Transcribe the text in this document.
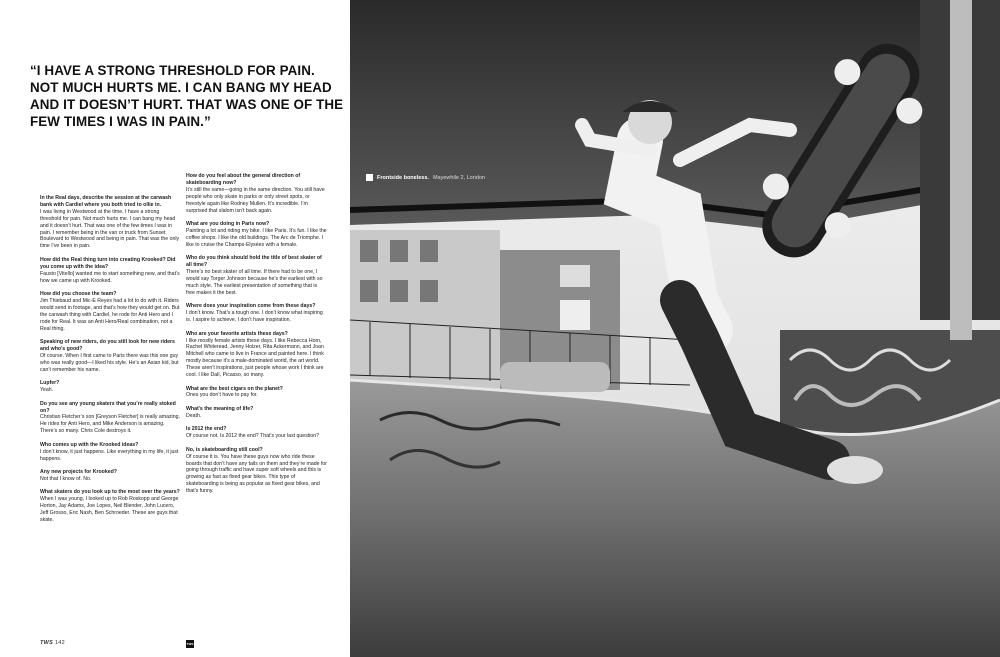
“I HAVE A STRONG THRESHOLD FOR PAIN. NOT MUCH HURTS ME. I CAN BANG MY HEAD AND IT DOESN’T HURT. THAT WAS ONE OF THE FEW TIMES I WAS IN PAIN.”

In the Real days, describe the session at the carwash bank with Cardiel where you both tried to ollie in.

I was living in Westwood at the time. I have a strong threshold for pain. Not much hurts me. I can bang my head and it doesn’t hurt. That was one of the few times I was in pain. I remember being in the van or truck from Sunset Boulevard to Westwood and being in pain. That was the only time I’ve been in pain.

How did the Real thing turn into creating Krooked? Did you come up with the idea?

Fausto [Vitello] wanted me to start something new, and that’s how we came up with Krooked.

How did you choose the team?

Jim Thiebaud and Mic-E Reyes had a lot to do with it. Riders would send in footage, and that’s how they would get on. But the carwash thing with Cardiel, he rode for Anti Hero and I rode for Real. It was an Anti Hero/Real combination, not a Real thing.

Speaking of new riders, do you still look for new riders and who’s good?

Of course. When I first came to Paris there was this one guy who was really good—I liked his style. He’s an Asian kid, but can’t remember his name.

Lupfer?

Yeah.

Do you see any young skaters that you’re really stoked on?

Christian Fletcher’s son [Greyson Fletcher] is really amazing. He rides for Anti Hero, and Mike Anderson is amazing. There’s so many. Chris Cole destroys it.

Who comes up with the Krooked ideas?

I don’t know, it just happens. Like everything in my life, it just happens.

Any new projects for Krooked?

Not that I know of. No.

What skaters do you look up to the most over the years?

When I was young, I looked up to Rob Roskopp and George Horton, Jay Adams, Joe Lopes, Neil Blender, John Lucero, Jeff Grosso, Eric Nash, Ben Schroeder. These are guys that skate.

How do you feel about the general direction of skateboarding now?

It’s still the same—going in the same direction. You still have people who only skate in parks or only street spots, or freestyle again like Rodney Mullen. It’s incredible. I’m surprised that slalom isn’t back again.

What are you doing in Paris now?

Painting a lot and riding my bike. I like Paris. It’s fun. I like the coffee shops. I like the old buildings. The Arc de Triomphe. I like to cruise the Champs-Elysées with a female.

Who do you think should hold the title of best skater of all time?

There’s no best skater of all time. If there had to be one, I would say Torger Johnson because he’s the earliest with so much style. The earliest presentation of something that is free makes it the best.

Where does your inspiration come from these days?

I don’t know. That’s a tough one. I don’t know what inspiring is. I aspire to achieve, I don’t have inspiration.

Who are your favorite artists these days?

I like mostly female artists these days. I like Rebecca Horn, Rachel Whiteread, Jenny Holzer, Rita Ackermann, and Joan Mitchell who came to live in France and painted here. I think mostly because it’s a male-dominated world, the art world. These aren’t inspirations, just people whose work I think are cool. I like Dalí, Picasso, so many.

What are the best cigars on the planet?

Ones you don’t have to pay for.

What’s the meaning of life?

Death.

Is 2012 the end?

Of course not. Is 2012 the end? That’s your last question?

No, is skateboarding still cool?

Of course it is. You have these guys now who ride these boards that don’t have any tails on them and they’re made for going through traffic and have super soft wheels and this is growing as fast as fixed gear bikes. This type of skateboarding is being as popular as fixed gear bikes, and that’s funny.

TWS 142	TWS
Frontside boneless. Mayewhile 2, London
